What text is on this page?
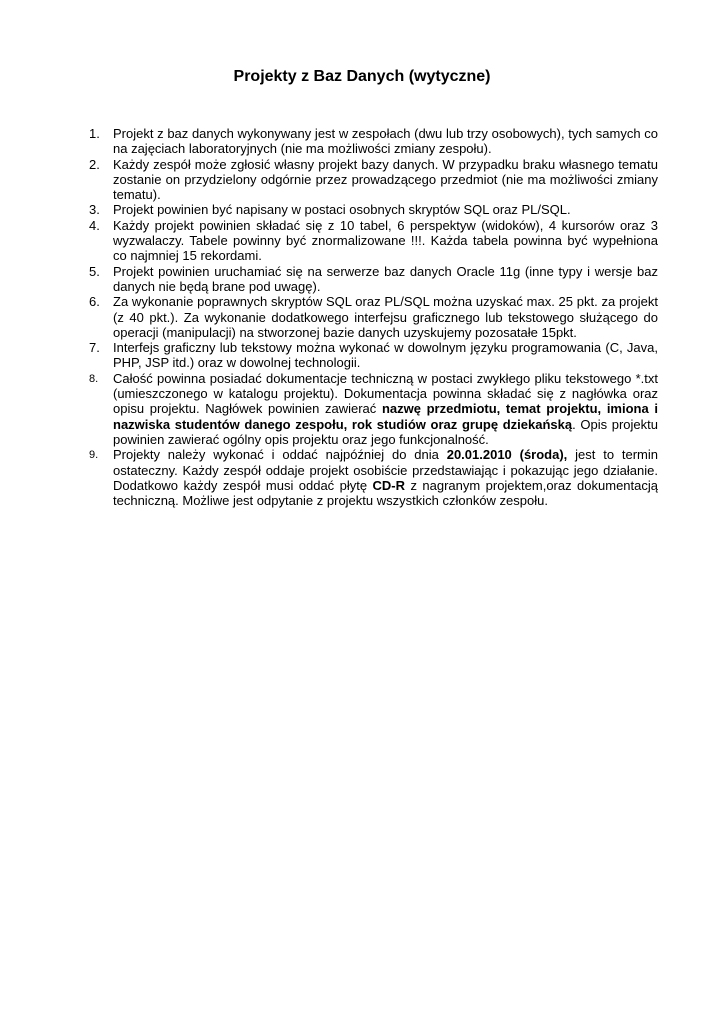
Projekty z Baz Danych (wytyczne)
1.	Projekt z baz danych wykonywany jest w zespołach (dwu lub trzy osobowych), tych samych co na zajęciach laboratoryjnych (nie ma możliwości zmiany zespołu).
2.	Każdy zespół może zgłosić własny projekt bazy danych. W przypadku braku własnego tematu zostanie on przydzielony odgórnie przez prowadzącego przedmiot (nie ma możliwości zmiany tematu).
3.	Projekt powinien być napisany w postaci osobnych skryptów SQL oraz PL/SQL.
4.	Każdy projekt powinien składać się z 10 tabel, 6 perspektyw (widoków), 4 kursorów oraz 3 wyzwalaczy. Tabele powinny być znormalizowane !!!. Każda tabela powinna być wypełniona co najmniej 15 rekordami.
5.	Projekt powinien uruchamiać się na serwerze baz danych Oracle 11g (inne typy i wersje baz danych nie będą brane pod uwagę).
6.	Za wykonanie poprawnych skryptów SQL oraz PL/SQL można uzyskać max. 25 pkt. za projekt (z 40 pkt.). Za wykonanie dodatkowego interfejsu graficznego lub tekstowego służącego do operacji (manipulacji) na stworzonej bazie danych uzyskujemy pozosatałe 15pkt.
7.	Interfejs graficzny lub tekstowy można wykonać w dowolnym języku programowania (C, Java, PHP, JSP itd.) oraz w dowolnej technologii.
8.	Całość powinna posiadać dokumentacje techniczną w postaci zwykłego pliku tekstowego *.txt (umieszczonego w katalogu projektu). Dokumentacja powinna składać się z nagłówka oraz opisu projektu. Nagłówek powinien zawierać nazwę przedmiotu, temat projektu, imiona i nazwiska studentów danego zespołu, rok studiów oraz grupę dziekańską. Opis projektu powinien zawierać ogólny opis projektu oraz jego funkcjonalność.
9.	Projekty należy wykonać i oddać najpóźniej do dnia 20.01.2010 (środa), jest to termin ostateczny. Każdy zespół oddaje projekt osobiście przedstawiając i pokazując jego działanie. Dodatkowo każdy zespół musi oddać płytę CD-R z nagranym projektem,oraz dokumentacją techniczną. Możliwe jest odpytanie z projektu wszystkich członków zespołu.
